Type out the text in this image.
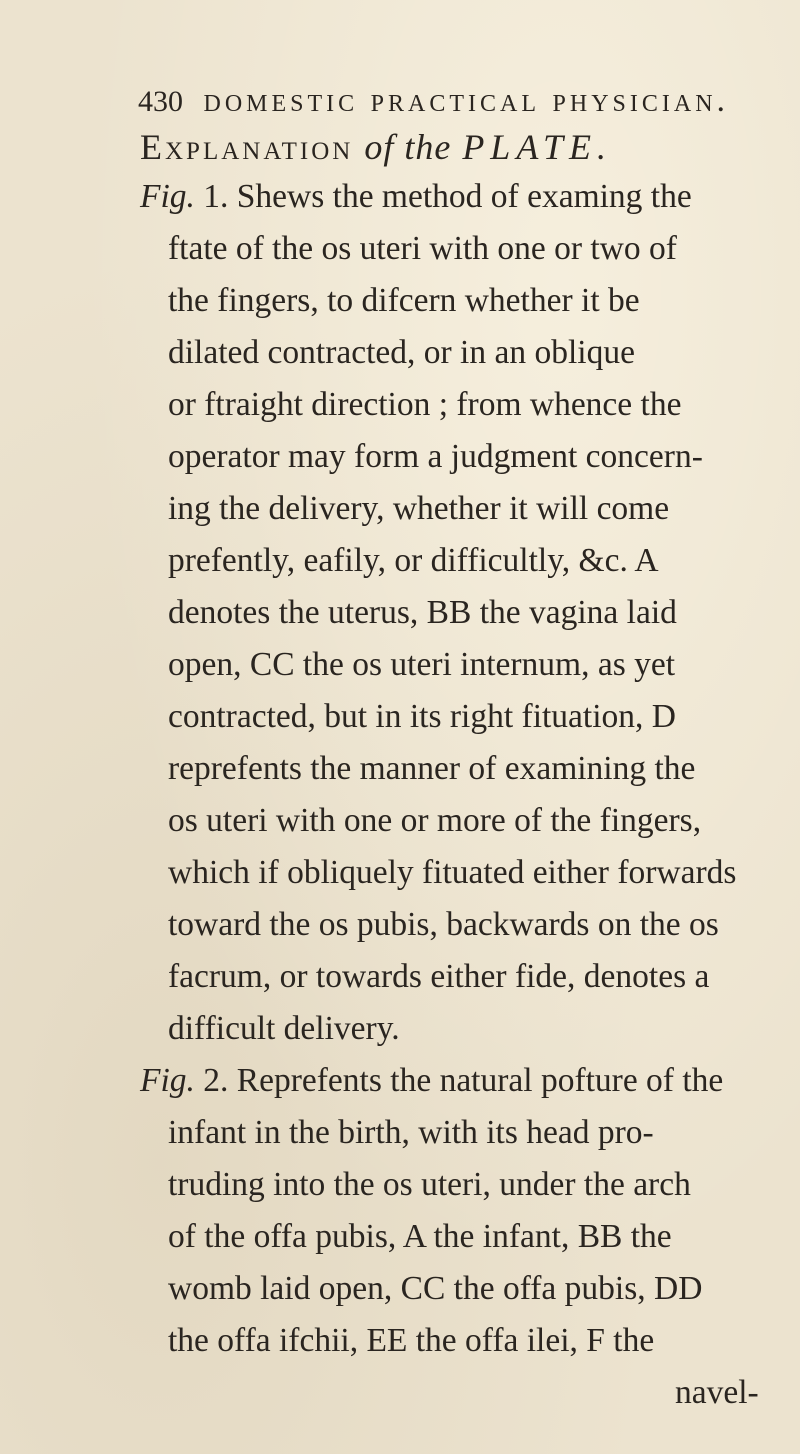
430 domestic practical physician.
Explanation of the PLATE.
Fig. 1. Shews the method of examing the
ftate of the os uteri with one or two of
the fingers, to difcern whether it be
dilated contracted, or in an oblique
or ftraight direction ; from whence the
operator may form a judgment concern-
ing the delivery, whether it will come
prefently, eafily, or difficultly, &c. A
denotes the uterus, BB the vagina laid
open, CC the os uteri internum, as yet
contracted, but in its right fituation, D
reprefents the manner of examining the
os uteri with one or more of the fingers,
which if obliquely fituated either forwards
toward the os pubis, backwards on the os
facrum, or towards either fide, denotes a
difficult delivery.
Fig. 2. Reprefents the natural pofture of the
infant in the birth, with its head pro-
truding into the os uteri, under the arch
of the offa pubis, A the infant, BB the
womb laid open, CC the offa pubis, DD
the offa ifchii, EE the offa ilei, F the
navel-
